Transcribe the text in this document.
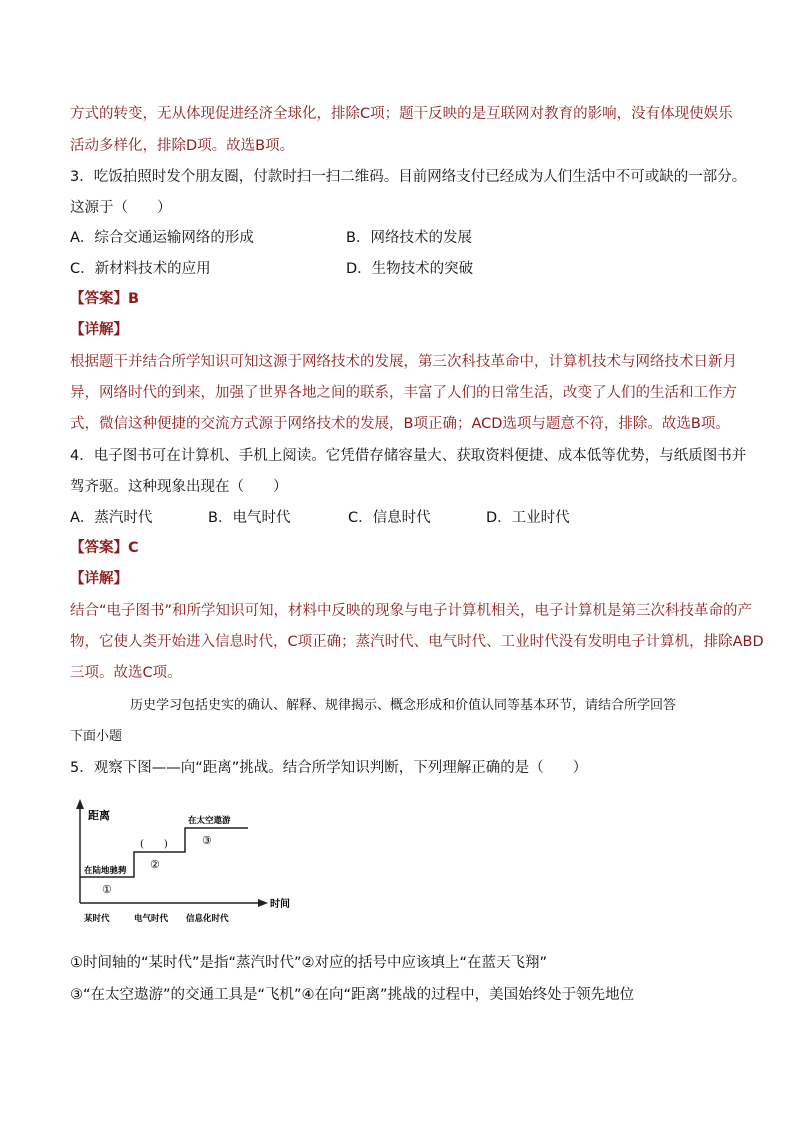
方式的转变，无从体现促进经济全球化，排除C项；题干反映的是互联网对教育的影响，没有体现使娱乐
活动多样化，排除D项。故选B项。
3．吃饭拍照时发个朋友圈，付款时扫一扫二维码。目前网络支付已经成为人们生活中不可或缺的一部分。
这源于（　　）
A．综合交通运输网络的形成	B．网络技术的发展
C．新材料技术的应用	D．生物技术的突破
【答案】B
【详解】
根据题干并结合所学知识可知这源于网络技术的发展，第三次科技革命中，计算机技术与网络技术日新月
异，网络时代的到来，加强了世界各地之间的联系，丰富了人们的日常生活，改变了人们的生活和工作方
式，微信这种便捷的交流方式源于网络技术的发展，B项正确；ACD选项与题意不符，排除。故选B项。
4．电子图书可在计算机、手机上阅读。它凭借存储容量大、获取资料便捷、成本低等优势，与纸质图书并
驾齐驱。这种现象出现在（　　）
A．蒸汽时代	B．电气时代	C．信息时代	D．工业时代
【答案】C
【详解】
结合“电子图书”和所学知识可知，材料中反映的现象与电子计算机相关，电子计算机是第三次科技革命的产
物，它使人类开始进入信息时代，C项正确；蒸汽时代、电气时代、工业时代没有发明电子计算机，排除ABD
三项。故选C项。
历史学习包括史实的确认、解释、规律揭示、概念形成和价值认同等基本环节，请结合所学回答
下面小题
5．观察下图——向“距离”挑战。结合所学知识判断，下列理解正确的是（　　）
距离
时间
在陆地驰骋
①
(　　)
②
在太空遨游
③
某时代	电气时代 信息化时代
①时间轴的“某时代”是指“蒸汽时代”②对应的括号中应该填上“在蓝天飞翔”
③“在太空遨游”的交通工具是“飞机”④在向“距离”挑战的过程中，美国始终处于领先地位
